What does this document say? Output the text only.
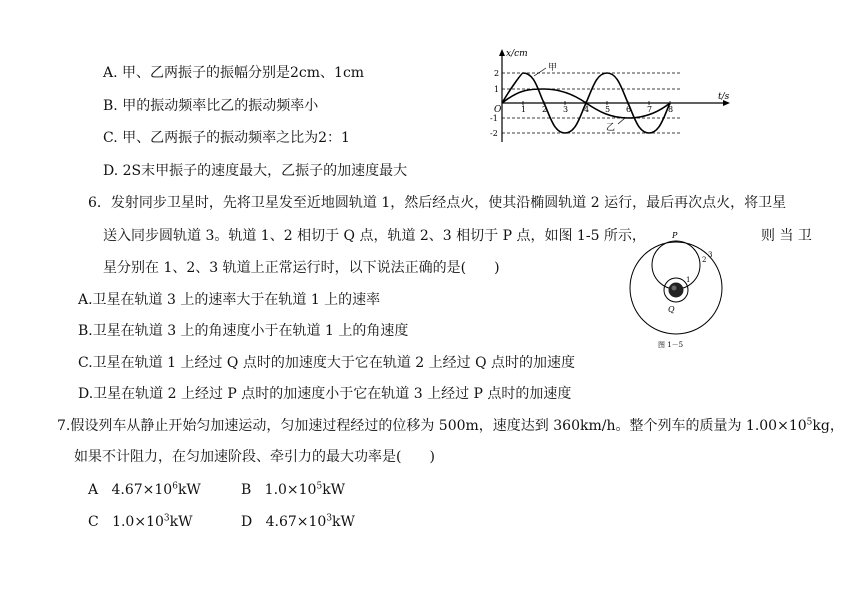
A. 甲、乙两振子的振幅分别是2cm、1cm
B. 甲的振动频率比乙的振动频率小
C. 甲、乙两振子的振动频率之比为2：1
D. 2S末甲振子的速度最大，乙振子的加速度最大
x/cm
t/s
O 1 2 3 4 5 6 7 8
2
1
-1
-2
甲
乙
6．发射同步卫星时，先将卫星发至近地圆轨道 1，然后经点火，使其沿椭圆轨道 2 运行，最后再次点火，将卫星
送入同步圆轨道 3。轨道 1、2 相切于 Q 点，轨道 2、3 相切于 P 点，如图 1-5 所示，	则 当 卫
星分别在 1、2、3 轨道上正常运行时，以下说法正确的是(　　)
A.卫星在轨道 3 上的速率大于在轨道 1 上的速率
B.卫星在轨道 3 上的角速度小于在轨道 1 上的角速度
C.卫星在轨道 1 上经过 Q 点时的加速度大于它在轨道 2 上经过 Q 点时的加速度
D.卫星在轨道 2 上经过 P 点时的加速度小于它在轨道 3 上经过 P 点时的加速度
P
Q
1
2
3
图 1－5
7.假设列车从静止开始匀加速运动，匀加速过程经过的位移为 500m，速度达到 360km/h。整个列车的质量为 $1.00\times 10^5kg$，
如果不计阻力，在匀加速阶段、牵引力的最大功率是(　　)
A $4.67\times 10^6kW$	B $1.0\times 10^5kW$
C $1.0\times 10^3kW$	D $4.67\times 10^3kW$
